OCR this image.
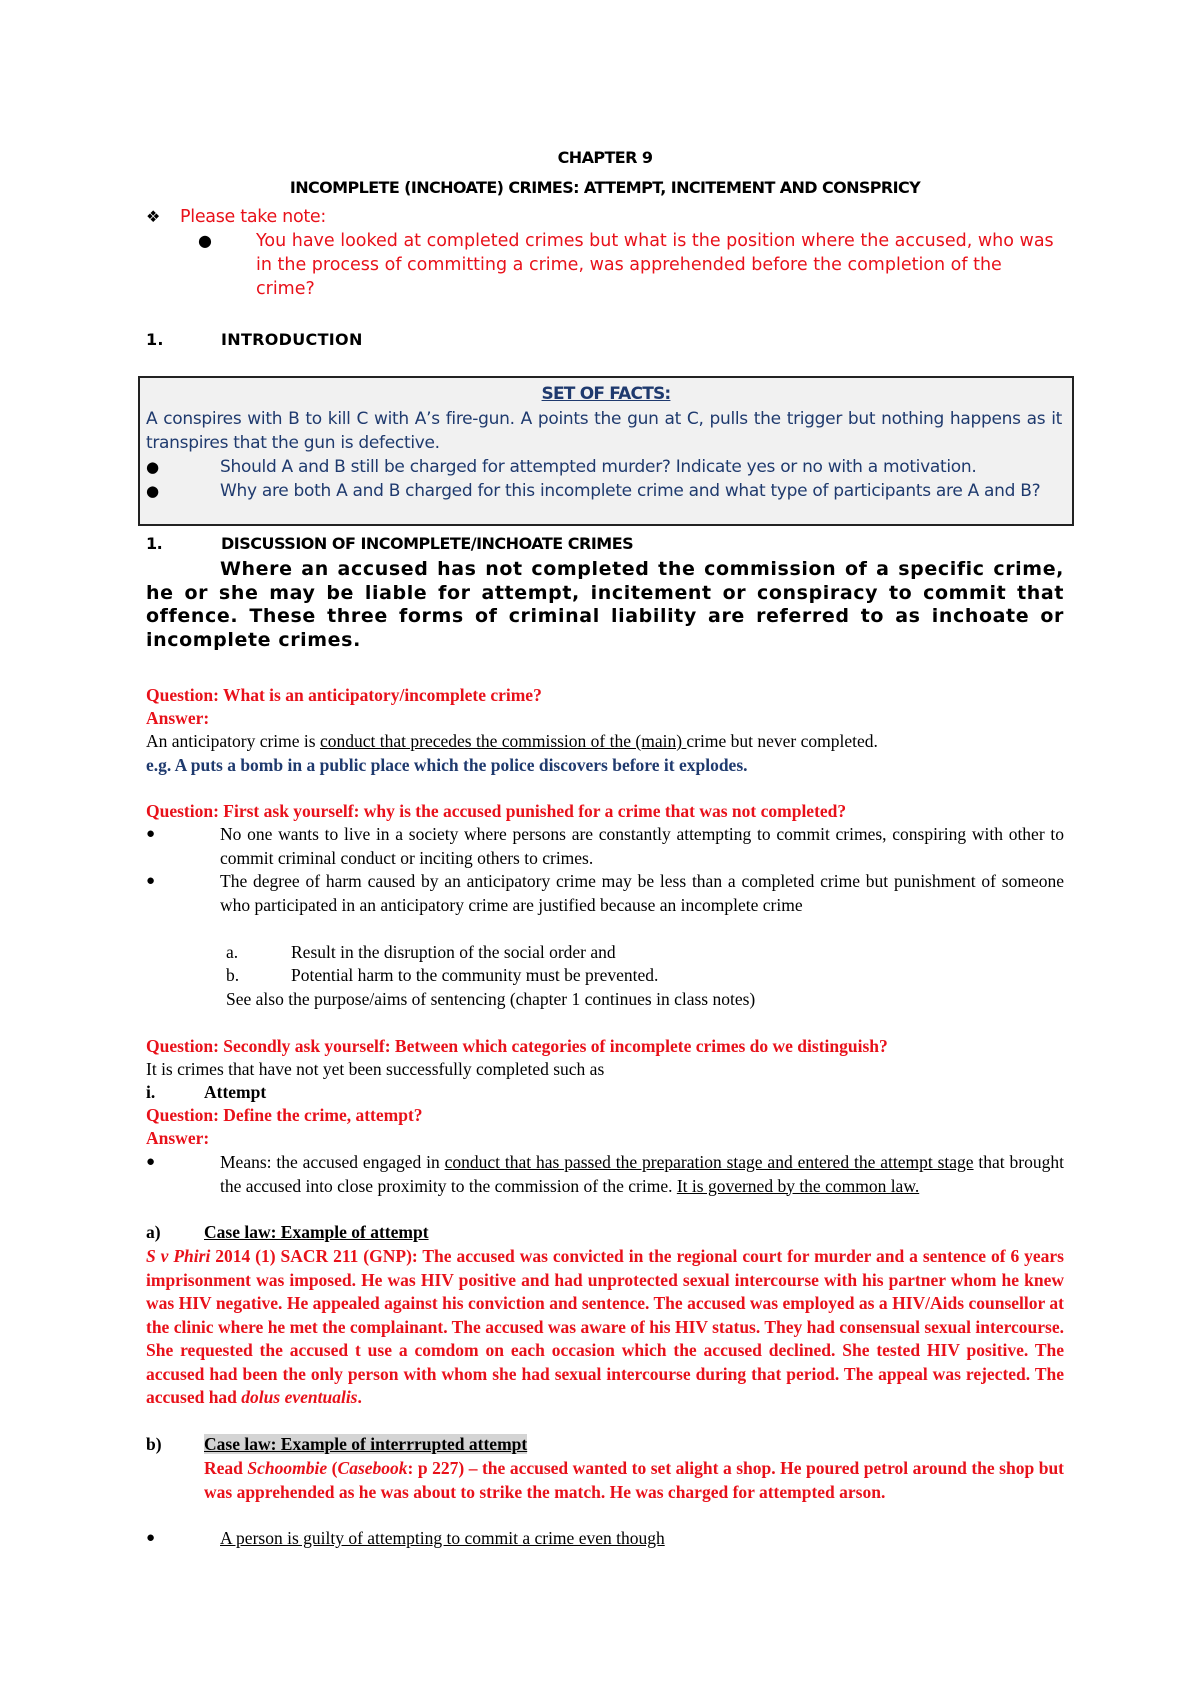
CHAPTER 9
INCOMPLETE (INCHOATE) CRIMES: ATTEMPT, INCITEMENT AND CONSPRICY
❖ Please take note:
●	You have looked at completed crimes but what is the position where the accused, who was in the process of committing a crime, was apprehended before the completion of the crime?
1.	INTRODUCTION
SET OF FACTS:
A conspires with B to kill C with A’s fire-gun. A points the gun at C, pulls the trigger but nothing happens as it transpires that the gun is defective.
●	Should A and B still be charged for attempted murder? Indicate yes or no with a motivation.
●	Why are both A and B charged for this incomplete crime and what type of participants are A and B?
1.	DISCUSSION OF INCOMPLETE/INCHOATE CRIMES
Where an accused has not completed the commission of a specific crime, he or she may be liable for attempt, incitement or conspiracy to commit that offence. These three forms of criminal liability are referred to as inchoate or incomplete crimes.
Question: What is an anticipatory/incomplete crime?
Answer:
An anticipatory crime is conduct that precedes the commission of the (main) crime but never completed.
e.g. A puts a bomb in a public place which the police discovers before it explodes.
Question: First ask yourself: why is the accused punished for a crime that was not completed?
●	No one wants to live in a society where persons are constantly attempting to commit crimes, conspiring with other to commit criminal conduct or inciting others to crimes.
●	The degree of harm caused by an anticipatory crime may be less than a completed crime but punishment of someone who participated in an anticipatory crime are justified because an incomplete crime
a.	Result in the disruption of the social order and
b.	Potential harm to the community must be prevented.
See also the purpose/aims of sentencing (chapter 1 continues in class notes)
Question: Secondly ask yourself: Between which categories of incomplete crimes do we distinguish?
It is crimes that have not yet been successfully completed such as
i.	Attempt
Question: Define the crime, attempt?
Answer:
●	Means: the accused engaged in conduct that has passed the preparation stage and entered the attempt stage that brought the accused into close proximity to the commission of the crime. It is governed by the common law.
a) Case law: Example of attempt
S v Phiri 2014 (1) SACR 211 (GNP): The accused was convicted in the regional court for murder and a sentence of 6 years imprisonment was imposed. He was HIV positive and had unprotected sexual intercourse with his partner whom he knew was HIV negative. He appealed against his conviction and sentence. The accused was employed as a HIV/Aids counsellor at the clinic where he met the complainant. The accused was aware of his HIV status. They had consensual sexual intercourse. She requested the accused t use a comdom on each occasion which the accused declined. She tested HIV positive. The accused had been the only person with whom she had sexual intercourse during that period. The appeal was rejected. The accused had dolus eventualis.
b) Case law: Example of interrrupted attempt
Read Schoombie (Casebook: p 227) – the accused wanted to set alight a shop. He poured petrol around the shop but was apprehended as he was about to strike the match. He was charged for attempted arson.
●	A person is guilty of attempting to commit a crime even though
